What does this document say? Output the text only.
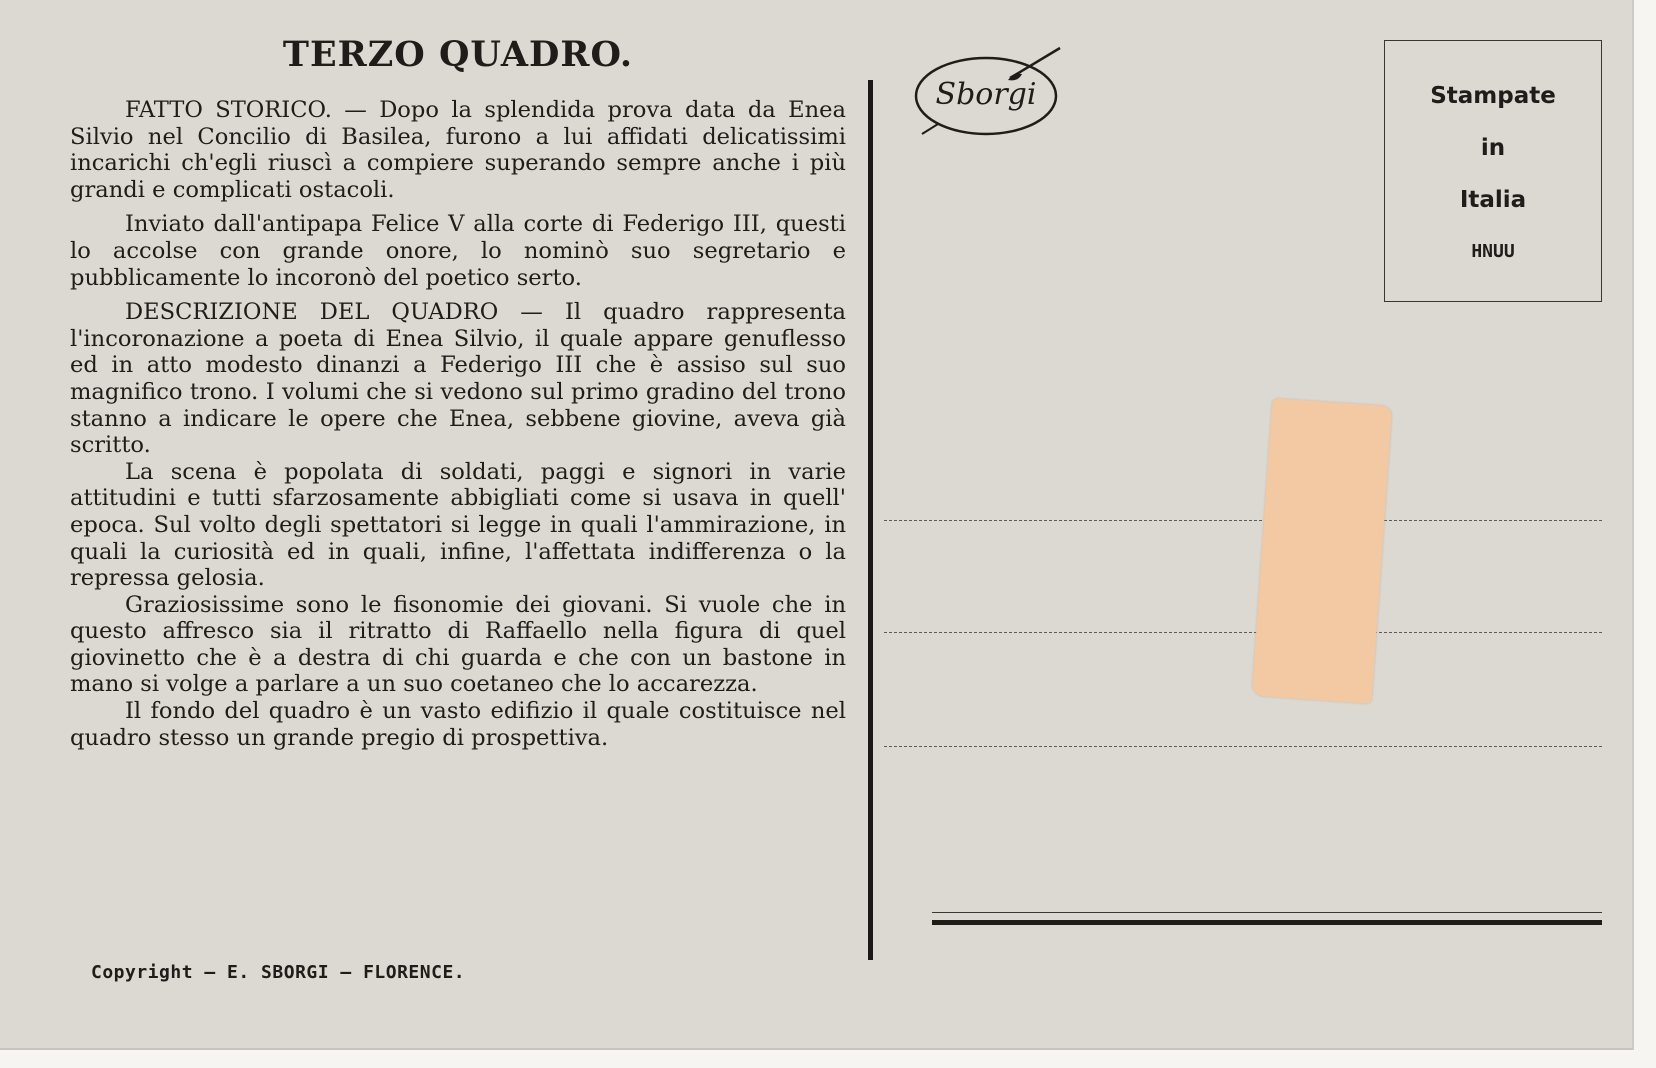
TERZO QUADRO.

FATTO STORICO. — Dopo la splendida prova data da Enea Silvio nel Concilio di Basilea, furono a lui affidati delicatissimi incarichi ch'egli riuscì a compiere superando sempre anche i più grandi e complicati ostacoli.

Inviato dall'antipapa Felice V alla corte di Federigo III, questi lo accolse con grande onore, lo nominò suo segretario e pubblicamente lo incoronò del poetico serto.

DESCRIZIONE DEL QUADRO — Il quadro rappresenta l'incoronazione a poeta di Enea Silvio, il quale appare genuflesso ed in atto modesto dinanzi a Federigo III che è assiso sul suo magnifico trono. I volumi che si vedono sul primo gradino del trono stanno a indicare le opere che Enea, sebbene giovine, aveva già scritto.

La scena è popolata di soldati, paggi e signori in varie attitudini e tutti sfarzosamente abbigliati come si usava in quell' epoca. Sul volto degli spettatori si legge in quali l'ammirazione, in quali la curiosità ed in quali, infine, l'affettata indifferenza o la repressa gelosia.

Graziosissime sono le fisonomie dei giovani. Si vuole che in questo affresco sia il ritratto di Raffaello nella figura di quel giovinetto che è a destra di chi guarda e che con un bastone in mano si volge a parlare a un suo coetaneo che lo accarezza.

Il fondo del quadro è un vasto edifizio il quale costituisce nel quadro stesso un grande pregio di prospettiva.

Copyright — E. SBORGI — FLORENCE.
Sborgi	Stampate
in
Italia
HNUU
